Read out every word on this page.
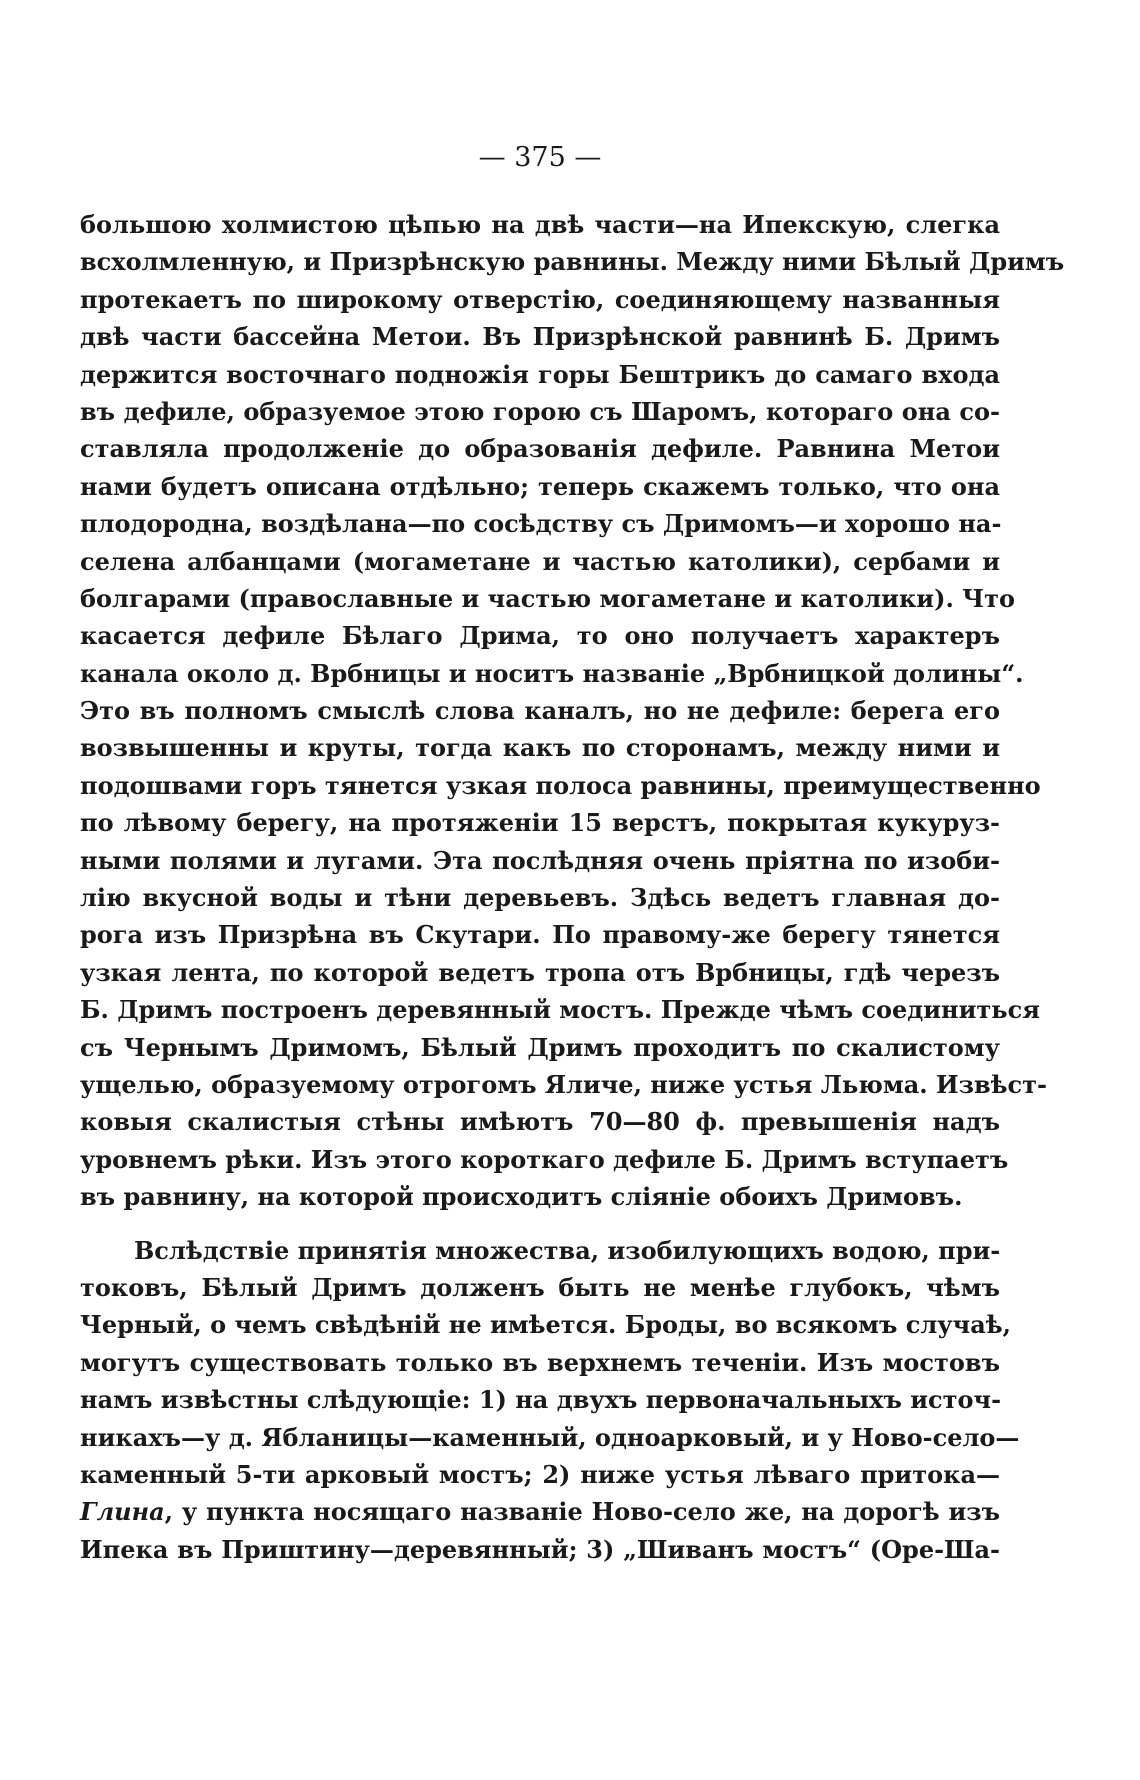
— 375 —
большою холмистою цѣпью на двѣ части—на Ипекскую, слегка
всхолмленную, и Призрѣнскую равнины. Между ними Бѣлый Дримъ
протекаетъ по широкому отверстію, соединяющему названныя
двѣ части бассейна Метои. Въ Призрѣнской равнинѣ Б. Дримъ
держится восточнаго подножія горы Бештрикъ до самаго входа
въ дефиле, образуемое этою горою съ Шаромъ, котораго она со-
ставляла продолженіе до образованія дефиле. Равнина Метои
нами будетъ описана отдѣльно; теперь скажемъ только, что она
плодородна, воздѣлана—по сосѣдству съ Дримомъ—и хорошо на-
селена албанцами (могаметане и частью католики), сербами и
болгарами (православные и частью могаметане и католики). Что
касается дефиле Бѣлаго Дрима, то оно получаетъ характеръ
канала около д. Врбницы и носитъ названіе „Врбницкой долины“.
Это въ полномъ смыслѣ слова каналъ, но не дефиле: берега его
возвышенны и круты, тогда какъ по сторонамъ, между ними и
подошвами горъ тянется узкая полоса равнины, преимущественно
по лѣвому берегу, на протяженіи 15 верстъ, покрытая кукуруз-
ными полями и лугами. Эта послѣдняя очень пріятна по изоби-
лію вкусной воды и тѣни деревьевъ. Здѣсь ведетъ главная до-
рога изъ Призрѣна въ Скутари. По правому-же берегу тянется
узкая лента, по которой ведетъ тропа отъ Врбницы, гдѣ черезъ
Б. Дримъ построенъ деревянный мостъ. Прежде чѣмъ соединиться
съ Чернымъ Дримомъ, Бѣлый Дримъ проходитъ по скалистому
ущелью, образуемому отрогомъ Яличе, ниже устья Льюма. Извѣст-
ковыя скалистыя стѣны имѣютъ 70—80 ф. превышенія надъ
уровнемъ рѣки. Изъ этого короткаго дефиле Б. Дримъ вступаетъ
въ равнину, на которой происходитъ сліяніе обоихъ Дримовъ.
Вслѣдствіе принятія множества, изобилующихъ водою, при-
токовъ, Бѣлый Дримъ долженъ быть не менѣе глубокъ, чѣмъ
Черный, о чемъ свѣдѣній не имѣется. Броды, во всякомъ случаѣ,
могутъ существовать только въ верхнемъ теченіи. Изъ мостовъ
намъ извѣстны слѣдующіе: 1) на двухъ первоначальныхъ источ-
никахъ—у д. Ябланицы—каменный, одноарковый, и у Ново-село—
каменный 5-ти арковый мостъ; 2) ниже устья лѣваго притока—
Глина, у пункта носящаго названіе Ново-село же, на дорогѣ изъ
Ипека въ Приштину—деревянный; 3) „Шиванъ мостъ“ (Оре-Ша-
